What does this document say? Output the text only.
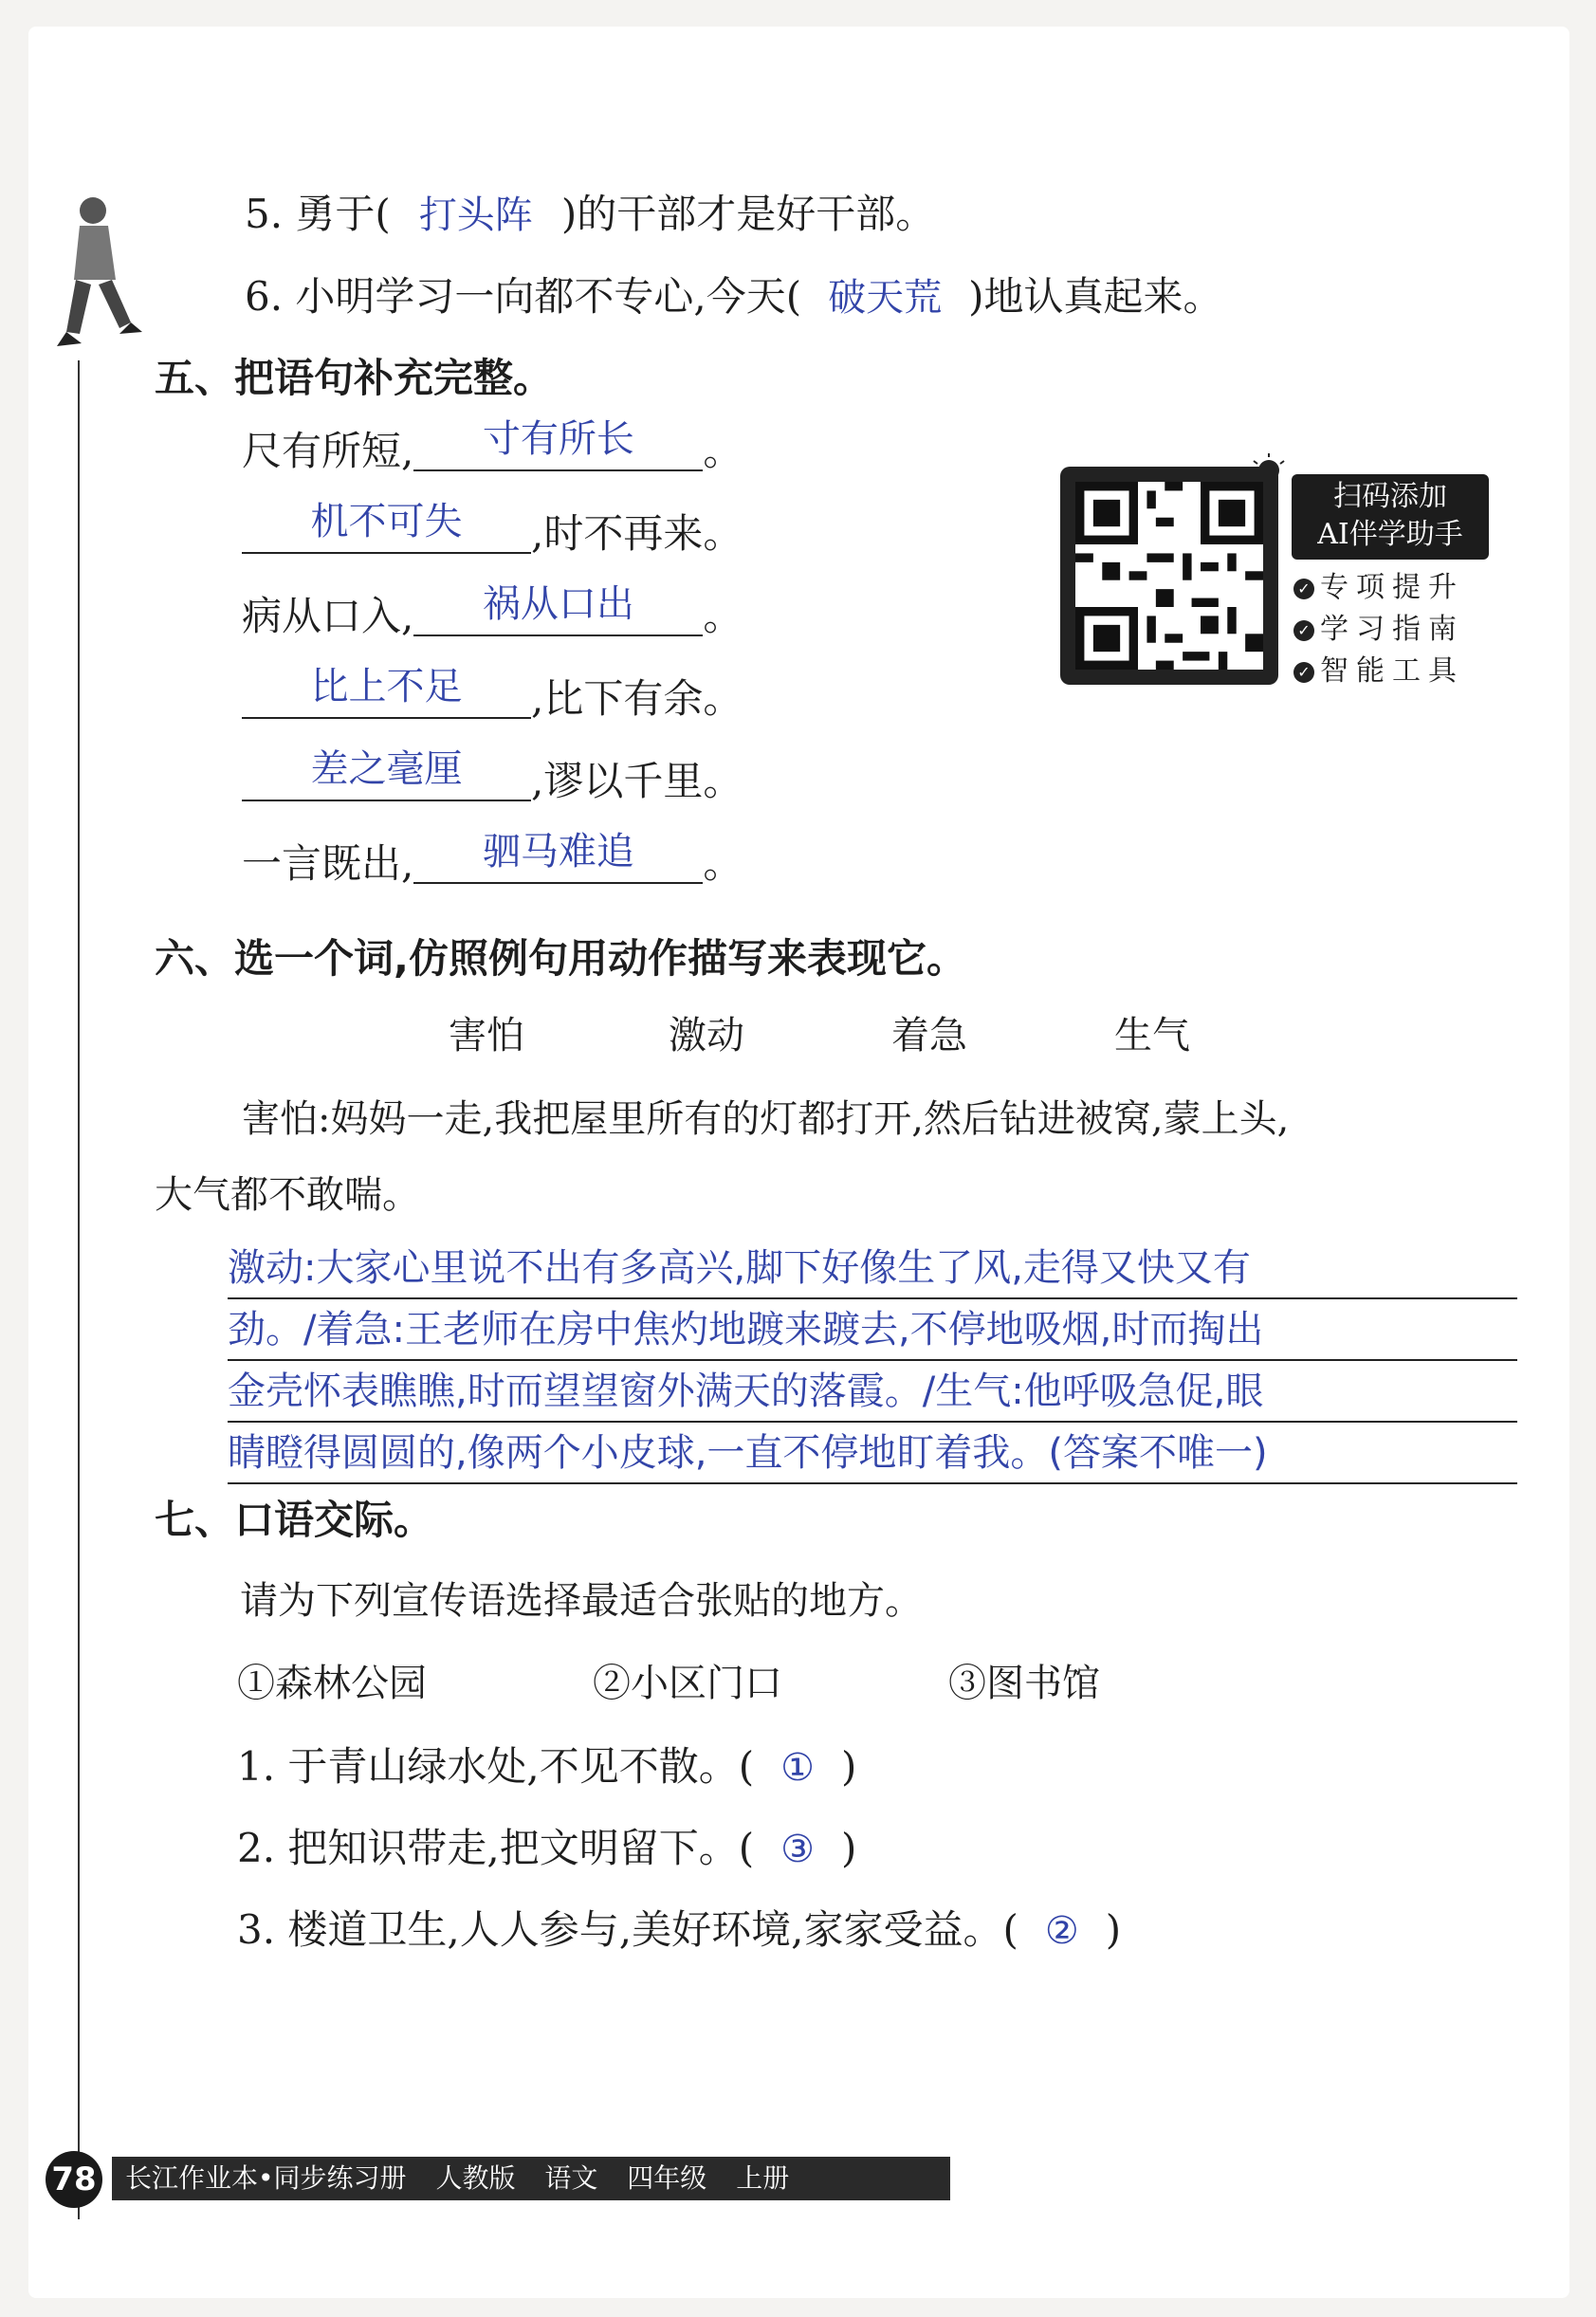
5. 勇于( 打头阵 )的干部才是好干部。
6. 小明学习一向都不专心,今天( 破天荒 )地认真起来。
五、把语句补充完整。
尺有所短,	寸有所长	。
机不可失	,时不再来。
病从口入,	祸从口出	。
比上不足	,比下有余。
差之毫厘	,谬以千里。
一言既出,	驷马难追	。
扫码添加
AI伴学助手
✓ 专项提升
✓ 学习指南
✓ 智能工具
六、选一个词,仿照例句用动作描写来表现它。
害怕	激动	着急	生气
害怕:妈妈一走,我把屋里所有的灯都打开,然后钻进被窝,蒙上头,
大气都不敢喘。
激动:大家心里说不出有多高兴,脚下好像生了风,走得又快又有
劲。/着急:王老师在房中焦灼地踱来踱去,不停地吸烟,时而掏出
金壳怀表瞧瞧,时而望望窗外满天的落霞。/生气:他呼吸急促,眼
睛瞪得圆圆的,像两个小皮球,一直不停地盯着我。(答案不唯一)
七、口语交际。
请为下列宣传语选择最适合张贴的地方。
①森林公园	②小区门口	③图书馆
1. 于青山绿水处,不见不散。( ① )
2. 把知识带走,把文明留下。( ③ )
3. 楼道卫生,人人参与,美好环境,家家受益。( ② )
78	长江作业本•同步练习册 人教版 语文 四年级 上册
